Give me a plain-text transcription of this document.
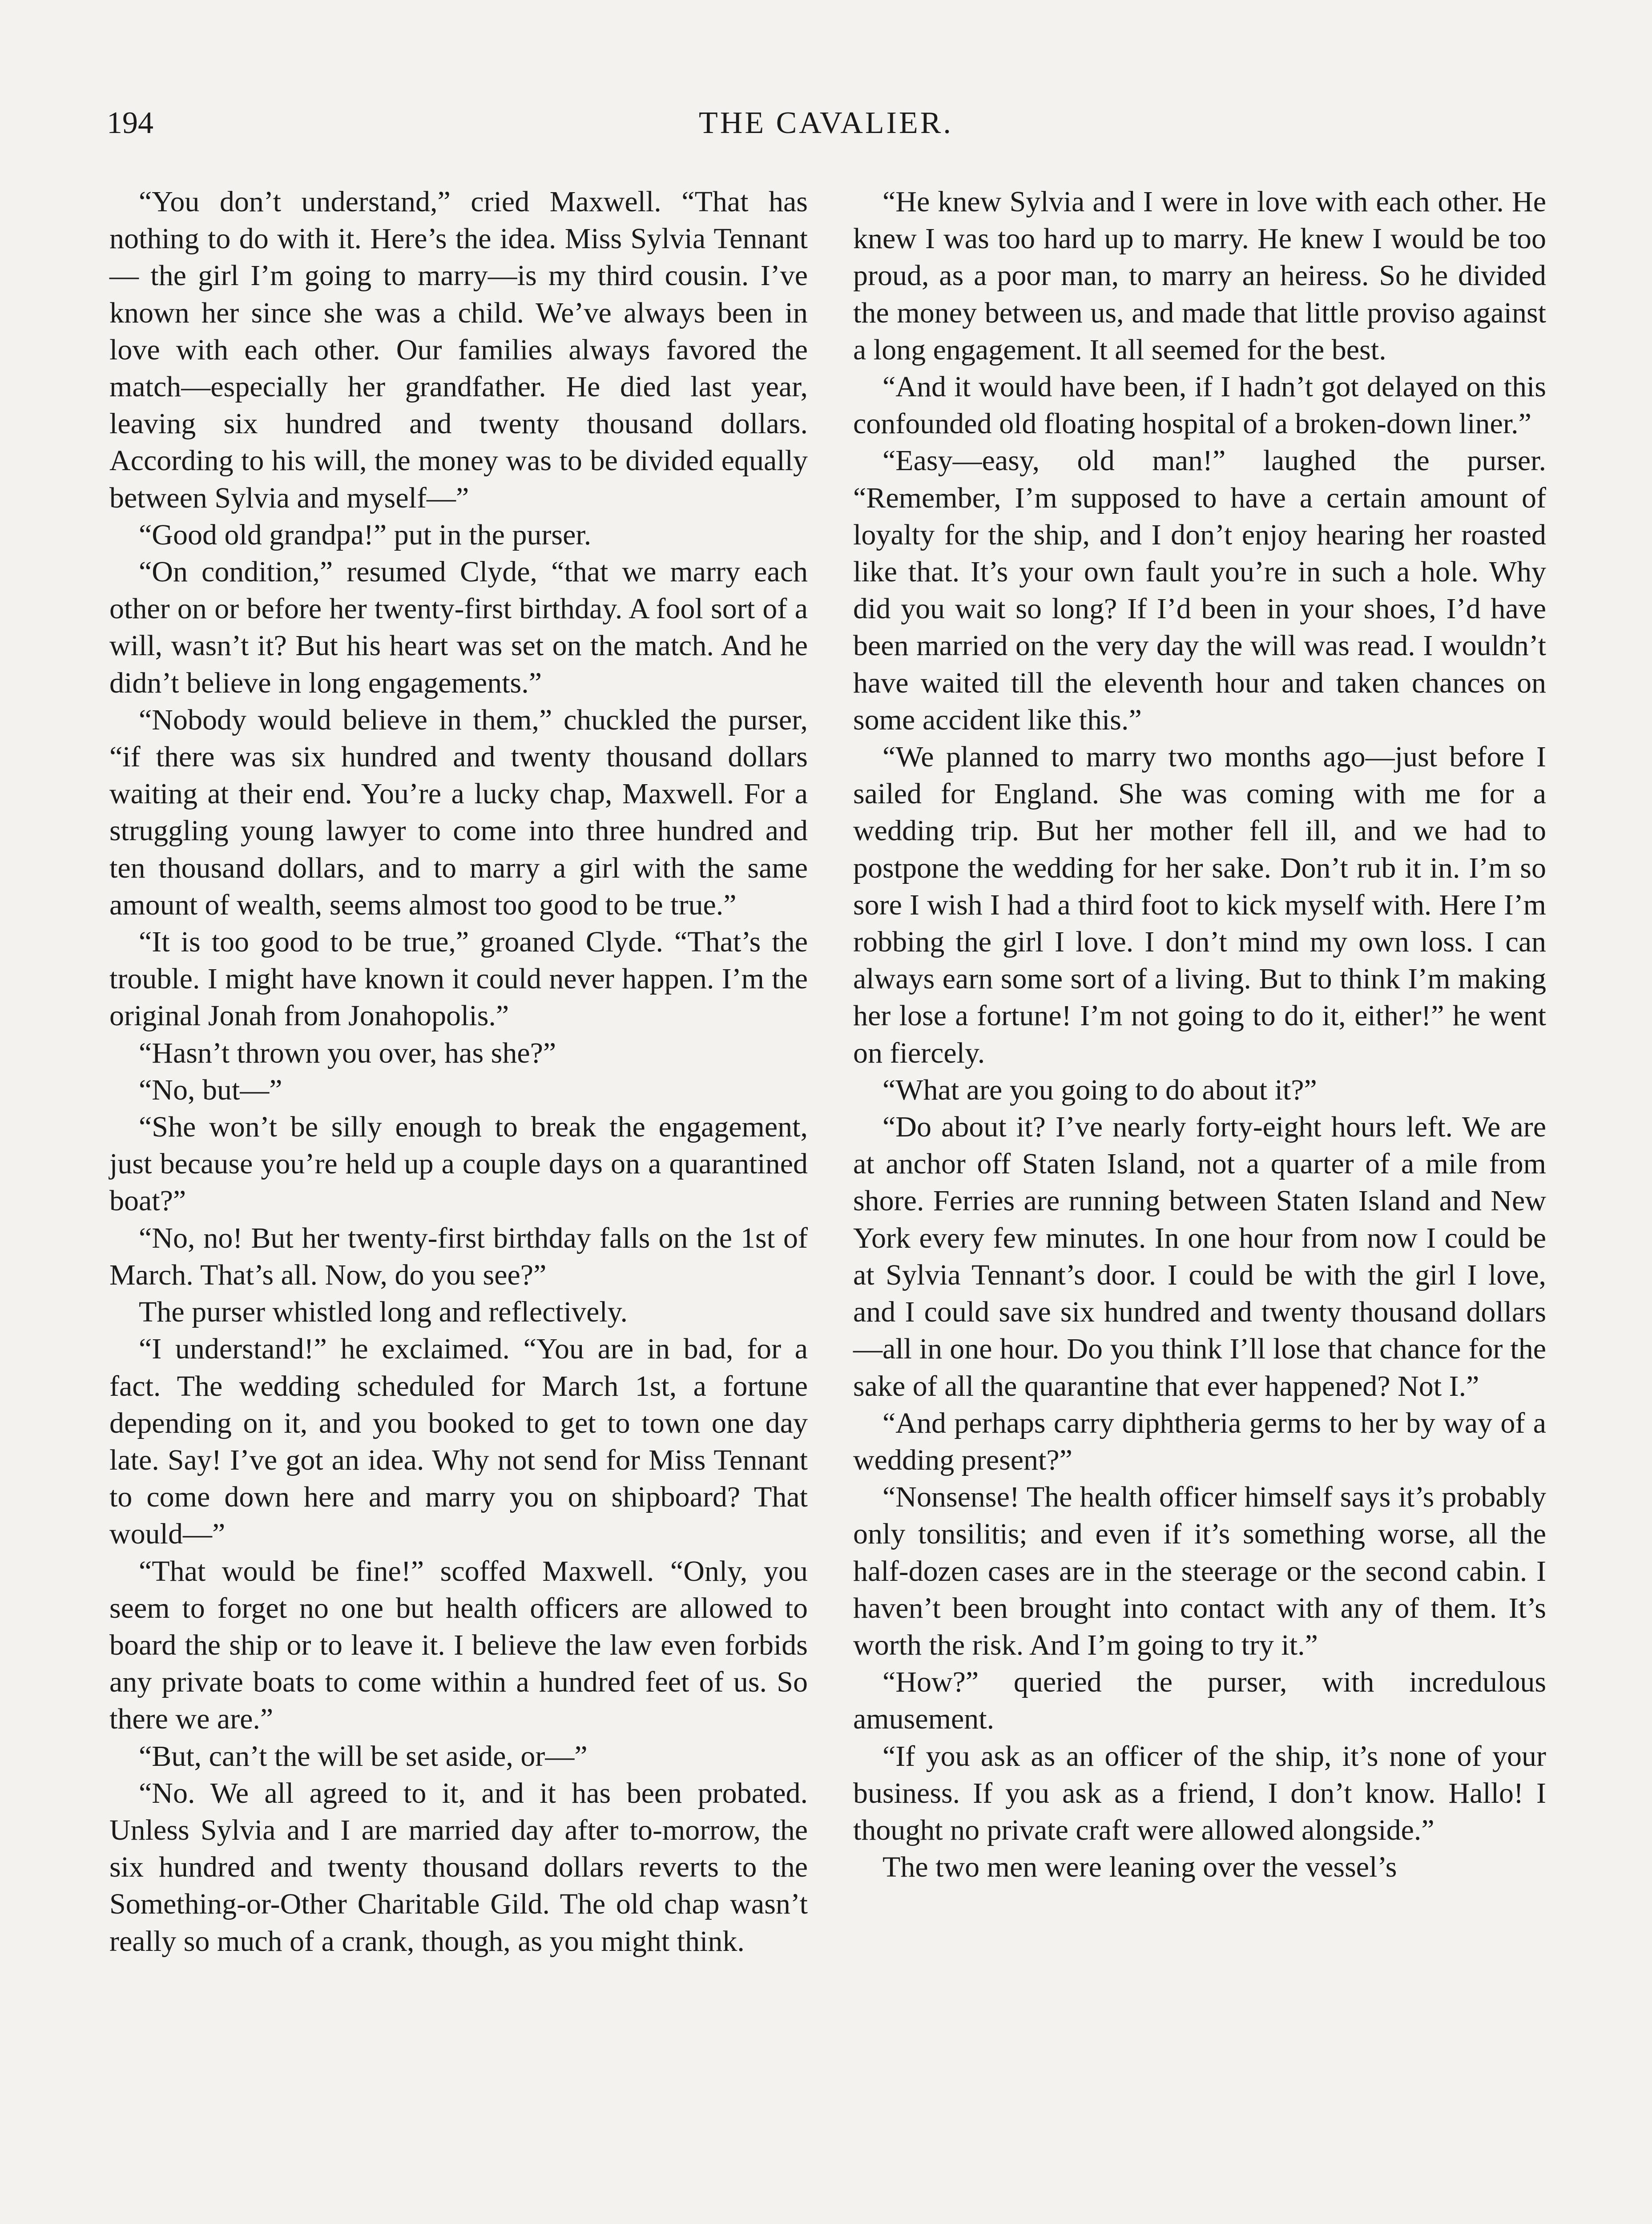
194	THE CAVALIER.

“You don’t understand,” cried Maxwell. “That has nothing to do with it. Here’s the idea. Miss Sylvia Tennant — the girl I’m going to marry—is my third cousin. I’ve known her since she was a child. We’ve always been in love with each other. Our families always favored the match—especially her grandfather. He died last year, leaving six hundred and twenty thousand dollars. According to his will, the money was to be divided equally between Sylvia and myself—”

“Good old grandpa!” put in the purser.

“On condition,” resumed Clyde, “that we marry each other on or before her twenty-first birthday. A fool sort of a will, wasn’t it? But his heart was set on the match. And he didn’t believe in long engagements.”

“Nobody would believe in them,” chuckled the purser, “if there was six hundred and twenty thousand dollars waiting at their end. You’re a lucky chap, Maxwell. For a struggling young lawyer to come into three hundred and ten thousand dollars, and to marry a girl with the same amount of wealth, seems almost too good to be true.”

“It is too good to be true,” groaned Clyde. “That’s the trouble. I might have known it could never happen. I’m the original Jonah from Jonahopolis.”

“Hasn’t thrown you over, has she?”

“No, but—”

“She won’t be silly enough to break the engagement, just because you’re held up a couple days on a quarantined boat?”

“No, no! But her twenty-first birthday falls on the 1st of March. That’s all. Now, do you see?”

The purser whistled long and reflectively.

“I understand!” he exclaimed. “You are in bad, for a fact. The wedding scheduled for March 1st, a fortune depending on it, and you booked to get to town one day late. Say! I’ve got an idea. Why not send for Miss Tennant to come down here and marry you on shipboard? That would—”

“That would be fine!” scoffed Maxwell. “Only, you seem to forget no one but health officers are allowed to board the ship or to leave it. I believe the law even forbids any private boats to come within a hundred feet of us. So there we are.”

“But, can’t the will be set aside, or—”

“No. We all agreed to it, and it has been probated. Unless Sylvia and I are married day after to-morrow, the six hundred and twenty thousand dollars reverts to the Something-or-Other Charitable Gild. The old chap wasn’t really so much of a crank, though, as you might think.

“He knew Sylvia and I were in love with each other. He knew I was too hard up to marry. He knew I would be too proud, as a poor man, to marry an heiress. So he divided the money between us, and made that little proviso against a long engagement. It all seemed for the best.

“And it would have been, if I hadn’t got delayed on this confounded old floating hospital of a broken-down liner.”

“Easy—easy, old man!” laughed the purser. “Remember, I’m supposed to have a certain amount of loyalty for the ship, and I don’t enjoy hearing her roasted like that. It’s your own fault you’re in such a hole. Why did you wait so long? If I’d been in your shoes, I’d have been married on the very day the will was read. I wouldn’t have waited till the eleventh hour and taken chances on some accident like this.”

“We planned to marry two months ago—just before I sailed for England. She was coming with me for a wedding trip. But her mother fell ill, and we had to postpone the wedding for her sake. Don’t rub it in. I’m so sore I wish I had a third foot to kick myself with. Here I’m robbing the girl I love. I don’t mind my own loss. I can always earn some sort of a living. But to think I’m making her lose a fortune! I’m not going to do it, either!” he went on fiercely.

“What are you going to do about it?”

“Do about it? I’ve nearly forty-eight hours left. We are at anchor off Staten Island, not a quarter of a mile from shore. Ferries are running between Staten Island and New York every few minutes. In one hour from now I could be at Sylvia Tennant’s door. I could be with the girl I love, and I could save six hundred and twenty thousand dollars—all in one hour. Do you think I’ll lose that chance for the sake of all the quarantine that ever happened? Not I.”

“And perhaps carry diphtheria germs to her by way of a wedding present?”

“Nonsense! The health officer himself says it’s probably only tonsilitis; and even if it’s something worse, all the half-dozen cases are in the steerage or the second cabin. I haven’t been brought into contact with any of them. It’s worth the risk. And I’m going to try it.”

“How?” queried the purser, with incredulous amusement.

“If you ask as an officer of the ship, it’s none of your business. If you ask as a friend, I don’t know. Hallo! I thought no private craft were allowed alongside.”

The two men were leaning over the vessel’s
